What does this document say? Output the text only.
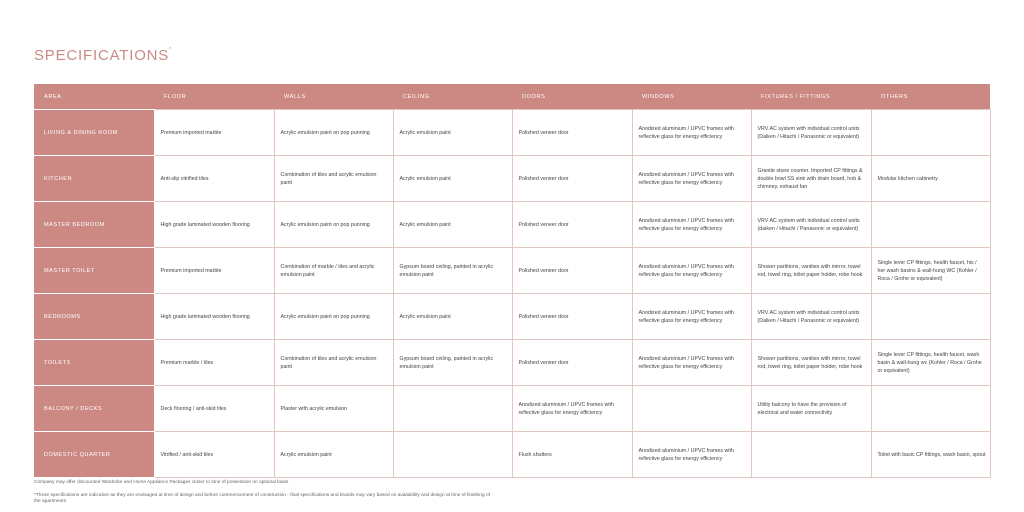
SPECIFICATIONS*
AREA	FLOOR	WALLS	CEILING	DOORS	WINDOWS	FIXTURES / FITTINGS	OTHERS
LIVING & DINING ROOM	Premium imported marble	Acrylic emulsion paint on pop punning	Acrylic emulsion paint	Polished veneer door	Anodized aluminium / UPVC frames with reflective glass for energy efficiency	VRV AC system with individual control units (Daiken / Hitachi / Panasonic or equivalent)	
KITCHEN	Anti-slip vitrified tiles	Combination of tiles and acrylic emulsion paint	Acrylic emulsion paint	Polished veneer door	Anodized aluminium / UPVC frames with reflective glass for energy efficiency	Granite stone counter. Imported CP fittings & double bowl SS sink with drain board, hob & chimney, exhaust fan	Modular kitchen cabinetry
MASTER BEDROOM	High grade laminated wooden flooring	Acrylic emulsion paint on pop punning	Acrylic emulsion paint	Polished veneer door	Anodized aluminium / UPVC frames with reflective glass for energy efficiency	VRV AC system with individual control units (daiken / Hitachi / Panasonic or equivalent)	
MASTER TOILET	Premium imported marble	Combination of marble / tiles and acrylic emulsion paint	Gypsum board ceiling, painted in acrylic emulsion paint	Polished veneer door	Anodized aluminium / UPVC frames with reflective glass for energy efficiency	Shower partitions, vanities with mirror, towel rod, towel ring, toilet paper holder, robe hook	Single lever CP fittings, health faucet, his / her wash basins & wall-hung WC (Kohler / Roca / Grohe or equivalent)
BEDROOMS	High grade laminated wooden flooring	Acrylic emulsion paint on pop punning	Acrylic emulsion paint	Polished veneer door	Anodized aluminium / UPVC frames with reflective glass for energy efficiency	VRV AC system with individual control units (Daiken / Hitachi / Panasonic or equivalent)	
TOILETS	Premium marble / tiles	Combination of tiles and acrylic emulsion paint	Gypsum board ceiling, painted in acrylic emulsion paint	Polished veneer door	Anodized aluminium / UPVC frames with reflective glass for energy efficiency	Shower partitions, vanities with mirror, towel rod, towel ring, toilet paper holder, robe hook	Single lever CP fittings, health faucet, wash basin & wall-hung wc (Kohler / Roca / Grohe or equivalent)
BALCONY / DECKS	Deck flooring / anti-skid tiles	Plaster with acrylic emulsion		Anodized aluminium / UPVC frames with reflective glass for energy efficiency		Utility balcony to have the provision of electrical and water connectivity	
DOMESTIC QUARTER	Vitrified / anti-skid tiles	Acrylic emulsion paint		Flush shutters	Anodized aluminium / UPVC frames with reflective glass for energy efficiency		Toilet with basic CP fittings, wash basin, spout
Company may offer discounted Wardrobe and Home Appliance Packages closer to time of possession on optional basis
*These specifications are indicative as they are envisaged at time of design and before commencement of construction - final specifications and brands may vary based on availability and design at time of finishing of the apartments.
